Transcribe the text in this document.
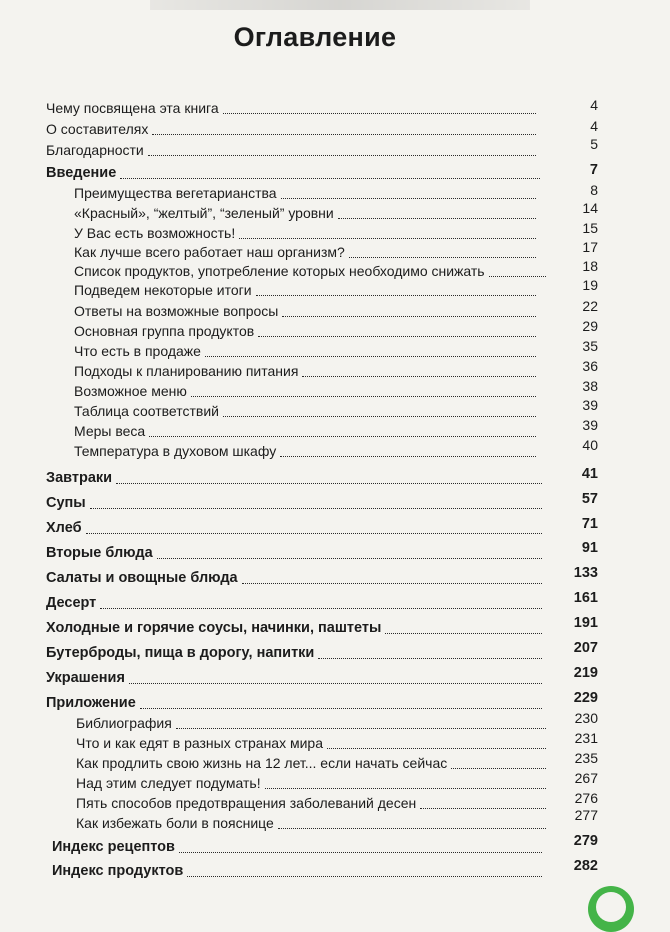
Оглавление
Чему посвящена эта книга	4
О составителях	4
Благодарности	5
Введение	7
Преимущества вегетарианства	8
«Красный», “желтый”, “зеленый” уровни	14
У Вас есть возможность!	15
Как лучше всего работает наш организм?	17
Список продуктов, употребление которых необходимо снижать	18
Подведем некоторые итоги	19
Ответы на возможные вопросы	22
Основная группа продуктов	29
Что есть в продаже	35
Подходы к планированию питания	36
Возможное меню	38
Таблица соответствий	39
Меры веса	39
Температура в духовом шкафу	40
Завтраки	41
Супы	57
Хлеб	71
Вторые блюда	91
Салаты и овощные блюда	133
Десерт	161
Холодные и горячие соусы, начинки, паштеты	191
Бутерброды, пища в дорогу, напитки	207
Украшения	219
Приложение	229
Библиография	230
Что и как едят в разных странах мира	231
Как продлить свою жизнь на 12 лет... если начать сейчас	235
Над этим следует подумать!	267
Пять способов предотвращения заболеваний десен	276
Как избежать боли в пояснице	277
Индекс рецептов	279
Индекс продуктов	282
